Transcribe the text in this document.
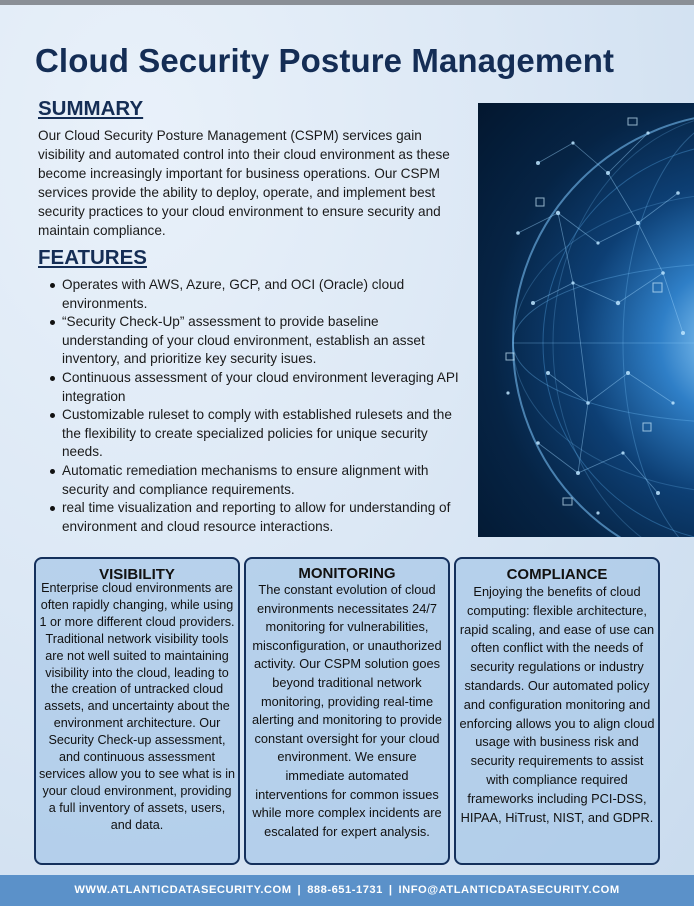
Cloud Security Posture Management
SUMMARY

Our Cloud Security Posture Management (CSPM) services gain visibility and automated control into their cloud environment as these become increasingly important for business operations. Our CSPM services provide the ability to deploy, operate, and implement best security practices to your cloud environment to ensure security and maintain compliance.

FEATURES
Operates with AWS, Azure, GCP, and OCI (Oracle) cloud environments.
“Security Check-Up” assessment to provide baseline understanding of your cloud environment, establish an asset inventory, and prioritize key security isues.
Continuous assessment of your cloud environment leveraging API integration
Customizable ruleset to comply with established rulesets and the the flexibility to create specialized policies for unique security needs.
Automatic remediation mechanisms to ensure alignment with security and compliance requirements.
real time visualization and reporting to allow for understanding of environment and cloud resource interactions.
VISIBILITY
Enterprise cloud environments are often rapidly changing, while using 1 or more different cloud providers. Traditional network visibility tools are not well suited to maintaining visibility into the cloud, leading to the creation of untracked cloud assets, and uncertainty about the environment architecture. Our Security Check-up assessment, and continuous assessment services allow you to see what is in your cloud environment, providing a full inventory of assets, users, and data.
MONITORING
The constant evolution of cloud environments necessitates 24/7 monitoring for vulnerabilities, misconfiguration, or unauthorized activity. Our CSPM solution goes beyond traditional network monitoring, providing real-time alerting and monitoring to provide constant oversight for your cloud environment. We ensure immediate automated interventions for common issues while more complex incidents are escalated for expert analysis.
COMPLIANCE
Enjoying the benefits of cloud computing: flexible architecture, rapid scaling, and ease of use can often conflict with the needs of security regulations or industry standards. Our automated policy and configuration monitoring and enforcing allows you to align cloud usage with business risk and security requirements to assist with compliance required frameworks including PCI-DSS, HIPAA, HiTrust, NIST, and GDPR.
WWW.ATLANTICDATASECURITY.COM | 888-651-1731 | INFO@ATLANTICDATASECURITY.COM
